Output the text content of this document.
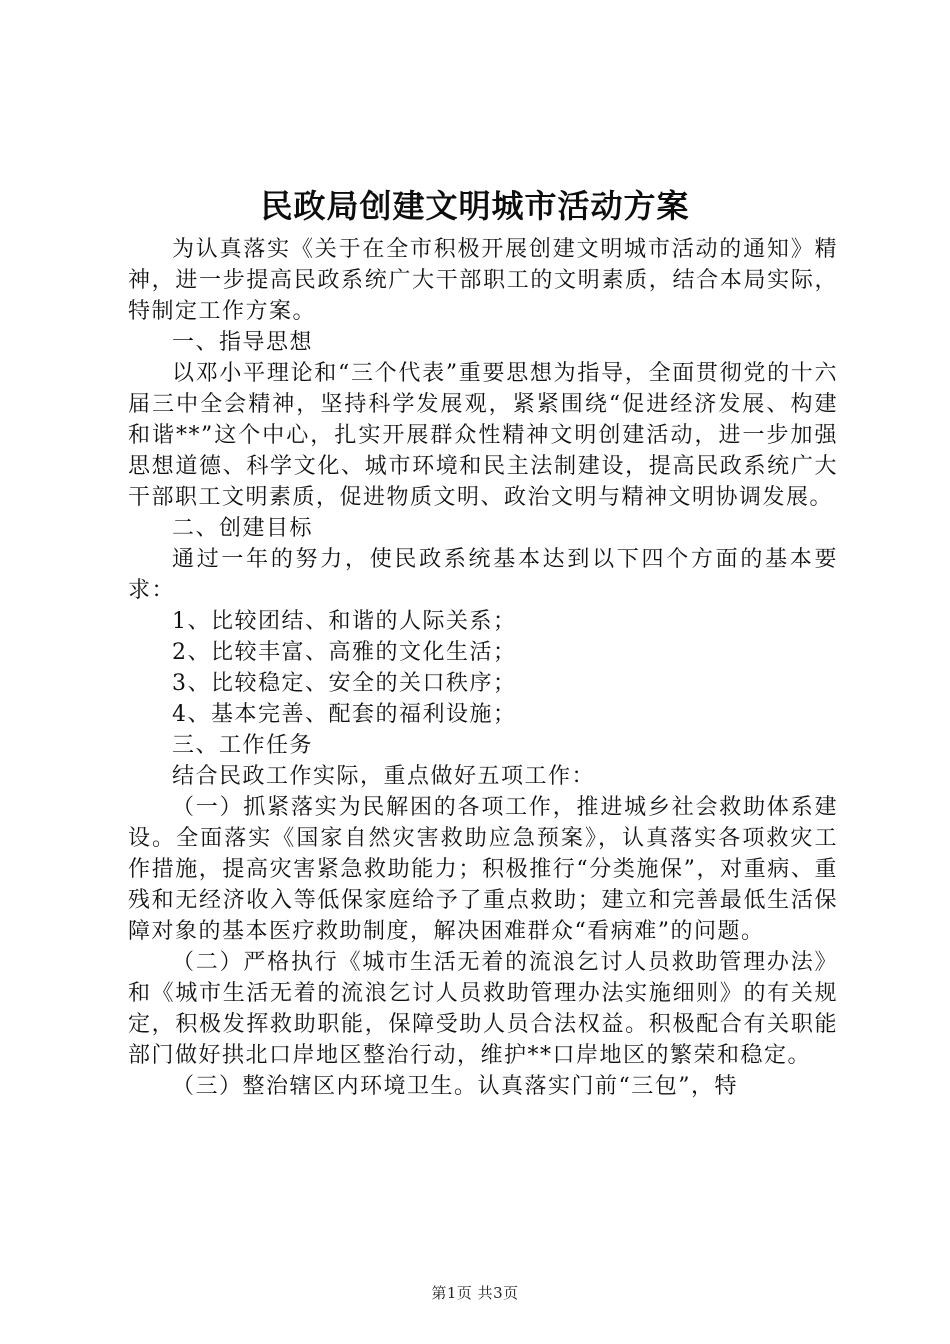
民政局创建文明城市活动方案

为认真落实《关于在全市积极开展创建文明城市活动的通知》精神，进一步提高民政系统广大干部职工的文明素质，结合本局实际，特制定工作方案。

一、指导思想

以邓小平理论和“三个代表”重要思想为指导，全面贯彻党的十六届三中全会精神，坚持科学发展观，紧紧围绕“促进经济发展、构建和谐**”这个中心，扎实开展群众性精神文明创建活动，进一步加强思想道德、科学文化、城市环境和民主法制建设，提高民政系统广大干部职工文明素质，促进物质文明、政治文明与精神文明协调发展。

二、创建目标

通过一年的努力，使民政系统基本达到以下四个方面的基本要求：

1、比较团结、和谐的人际关系；

2、比较丰富、高雅的文化生活；

3、比较稳定、安全的关口秩序；

4、基本完善、配套的福利设施；

三、工作任务

结合民政工作实际，重点做好五项工作：

（一）抓紧落实为民解困的各项工作，推进城乡社会救助体系建设。全面落实《国家自然灾害救助应急预案》，认真落实各项救灾工作措施，提高灾害紧急救助能力；积极推行“分类施保”，对重病、重残和无经济收入等低保家庭给予了重点救助；建立和完善最低生活保障对象的基本医疗救助制度，解决困难群众“看病难”的问题。

（二）严格执行《城市生活无着的流浪乞讨人员救助管理办法》和《城市生活无着的流浪乞讨人员救助管理办法实施细则》的有关规定，积极发挥救助职能，保障受助人员合法权益。积极配合有关职能部门做好拱北口岸地区整治行动，维护**口岸地区的繁荣和稳定。

（三）整治辖区内环境卫生。认真落实门前“三包”，特

第1页 共3页
